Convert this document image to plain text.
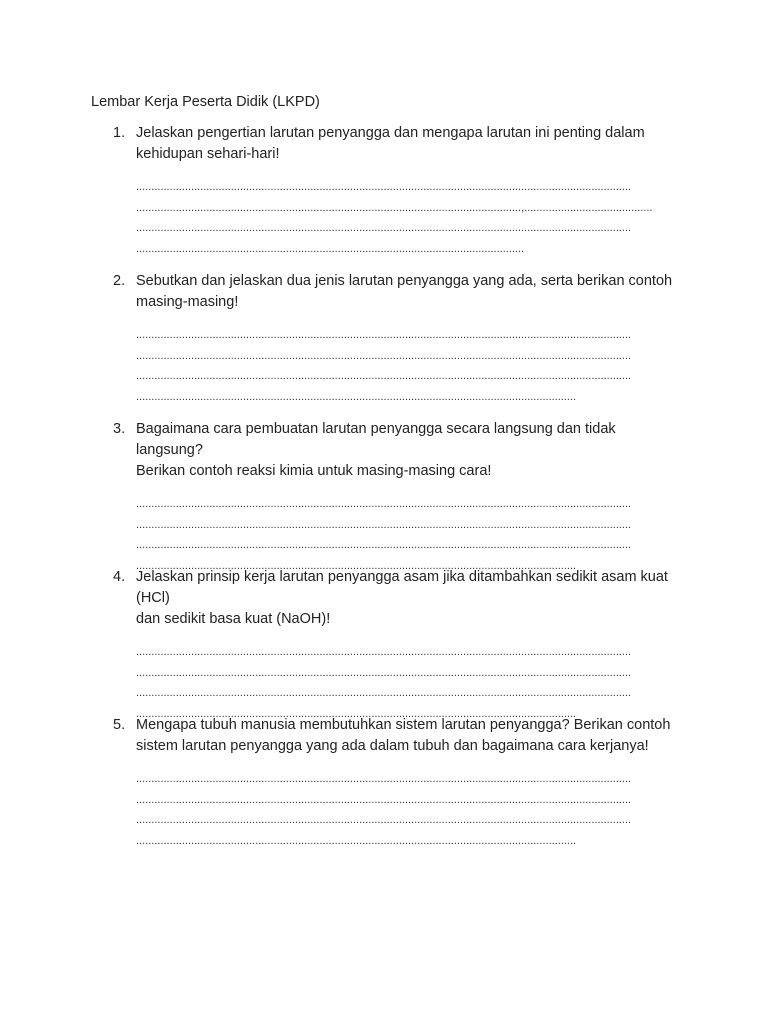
Lembar Kerja Peserta Didik (LKPD)
1. Jelaskan pengertian larutan penyangga dan mengapa larutan ini penting dalam
kehidupan sehari-hari!
..................................................................................................................................................................
..............................................................................................................................,..........................................
..................................................................................................................................................................
...............................................................................................................................
2. Sebutkan dan jelaskan dua jenis larutan penyangga yang ada, serta berikan contoh
masing-masing!
..................................................................................................................................................................
..................................................................................................................................................................
..................................................................................................................................................................
................................................................................................................................................
3. Bagaimana cara pembuatan larutan penyangga secara langsung dan tidak langsung?
Berikan contoh reaksi kimia untuk masing-masing cara!
..................................................................................................................................................................
..................................................................................................................................................................
..................................................................................................................................................................
................................................................................................................................................
4. Jelaskan prinsip kerja larutan penyangga asam jika ditambahkan sedikit asam kuat (HCl)
dan sedikit basa kuat (NaOH)!
..................................................................................................................................................................
..................................................................................................................................................................
..................................................................................................................................................................
................................................................................................................................................
5. Mengapa tubuh manusia membutuhkan sistem larutan penyangga? Berikan contoh
sistem larutan penyangga yang ada dalam tubuh dan bagaimana cara kerjanya!
..................................................................................................................................................................
..................................................................................................................................................................
..................................................................................................................................................................
................................................................................................................................................
